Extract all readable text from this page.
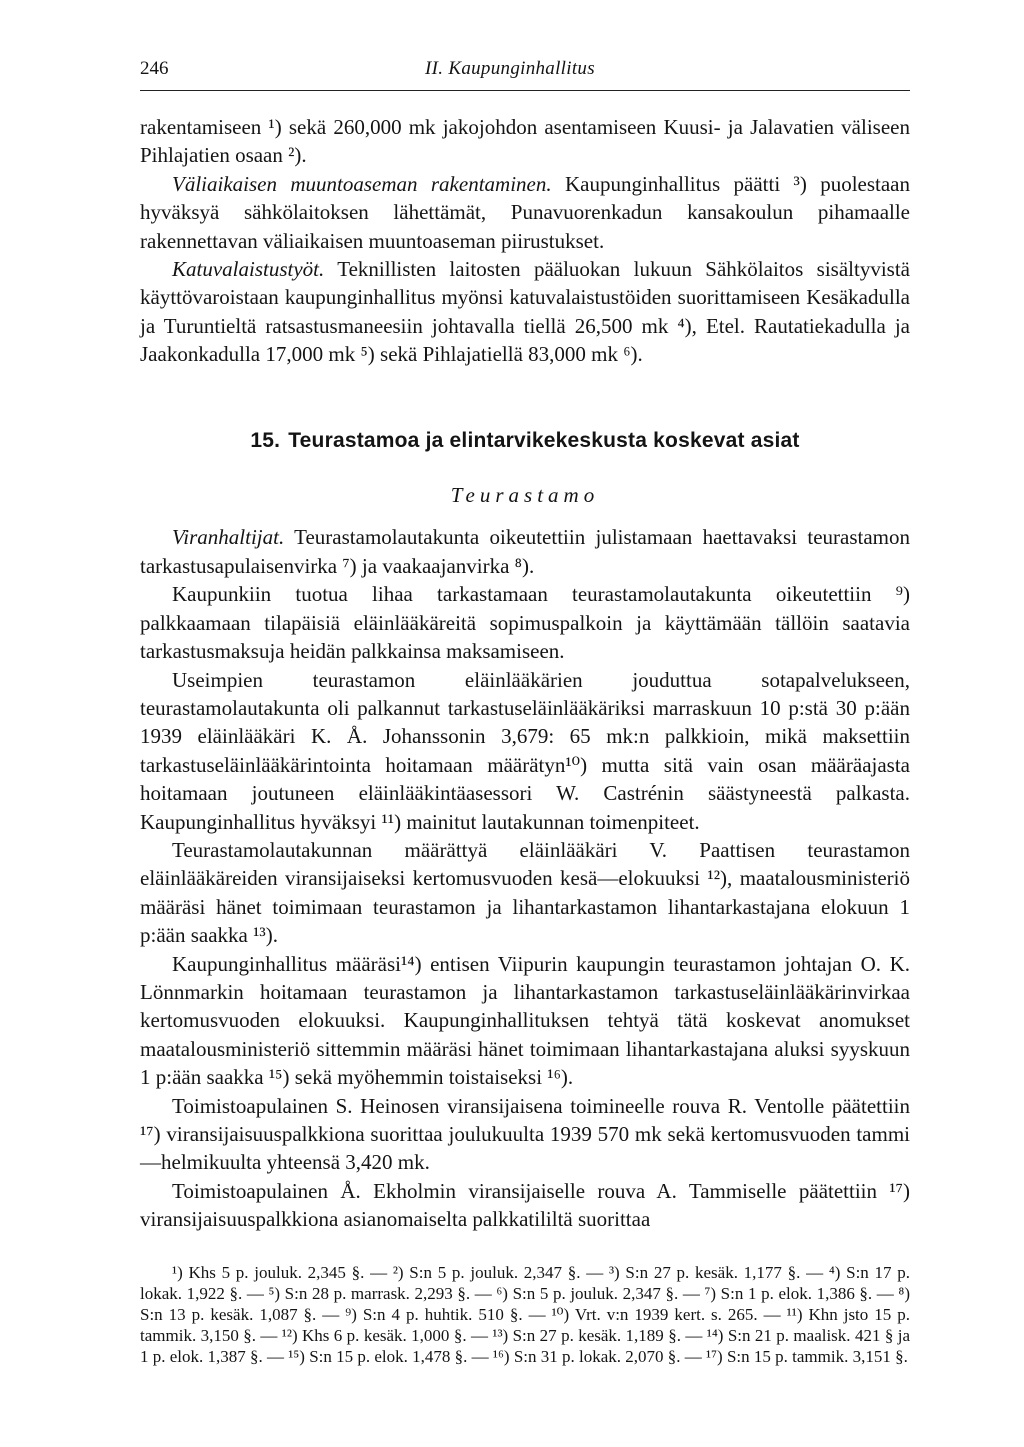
246	II. Kaupunginhallitus

rakentamiseen ¹) sekä 260,000 mk jakojohdon asentamiseen Kuusi- ja Jalavatien väliseen Pihlajatien osaan ²).

Väliaikaisen muuntoaseman rakentaminen. Kaupunginhallitus päätti ³) puolestaan hyväksyä sähkölaitoksen lähettämät, Punavuorenkadun kansakoulun pihamaalle rakennettavan väliaikaisen muuntoaseman piirustukset.

Katuvalaistustyöt. Teknillisten laitosten pääluokan lukuun Sähkölaitos sisältyvistä käyttövaroistaan kaupunginhallitus myönsi katuvalaistustöiden suorittamiseen Kesäkadulla ja Turuntieltä ratsastusmaneesiin johtavalla tiellä 26,500 mk ⁴), Etel. Rautatiekadulla ja Jaakonkadulla 17,000 mk ⁵) sekä Pihlajatiellä 83,000 mk ⁶).

15. Teurastamoa ja elintarvikekeskusta koskevat asiat
Teurastamo

Viranhaltijat. Teurastamolautakunta oikeutettiin julistamaan haettavaksi teurastamon tarkastusapulaisenvirka ⁷) ja vaakaajanvirka ⁸).

Kaupunkiin tuotua lihaa tarkastamaan teurastamolautakunta oikeutettiin ⁹) palkkaamaan tilapäisiä eläinlääkäreitä sopimuspalkoin ja käyttämään tällöin saatavia tarkastusmaksuja heidän palkkainsa maksamiseen.

Useimpien teurastamon eläinlääkärien jouduttua sotapalvelukseen, teurastamolautakunta oli palkannut tarkastuseläinlääkäriksi marraskuun 10 p:stä 30 p:ään 1939 eläinlääkäri K. Å. Johanssonin 3,679: 65 mk:n palkkioin, mikä maksettiin tarkastuseläinlääkärintointa hoitamaan määrätyn¹⁰) mutta sitä vain osan määräajasta hoitamaan joutuneen eläinlääkintäasessori W. Castrénin säästyneestä palkasta. Kaupunginhallitus hyväksyi ¹¹) mainitut lautakunnan toimenpiteet.

Teurastamolautakunnan määrättyä eläinlääkäri V. Paattisen teurastamon eläinlääkäreiden viransijaiseksi kertomusvuoden kesä—elokuuksi ¹²), maatalousministeriö määräsi hänet toimimaan teurastamon ja lihantarkastamon lihantarkastajana elokuun 1 p:ään saakka ¹³).

Kaupunginhallitus määräsi¹⁴) entisen Viipurin kaupungin teurastamon johtajan O. K. Lönnmarkin hoitamaan teurastamon ja lihantarkastamon tarkastuseläinlääkärinvirkaa kertomusvuoden elokuuksi. Kaupunginhallituksen tehtyä tätä koskevat anomukset maatalousministeriö sittemmin määräsi hänet toimimaan lihantarkastajana aluksi syyskuun 1 p:ään saakka ¹⁵) sekä myöhemmin toistaiseksi ¹⁶).

Toimistoapulainen S. Heinosen viransijaisena toimineelle rouva R. Ventolle päätettiin ¹⁷) viransijaisuuspalkkiona suorittaa joulukuulta 1939 570 mk sekä kertomusvuoden tammi—helmikuulta yhteensä 3,420 mk.

Toimistoapulainen Å. Ekholmin viransijaiselle rouva A. Tammiselle päätettiin ¹⁷) viransijaisuuspalkkiona asianomaiselta palkkatililtä suorittaa

¹) Khs 5 p. jouluk. 2,345 §. — ²) S:n 5 p. jouluk. 2,347 §. — ³) S:n 27 p. kesäk. 1,177 §. — ⁴) S:n 17 p. lokak. 1,922 §. — ⁵) S:n 28 p. marrask. 2,293 §. — ⁶) S:n 5 p. jouluk. 2,347 §. — ⁷) S:n 1 p. elok. 1,386 §. — ⁸) S:n 13 p. kesäk. 1,087 §. — ⁹) S:n 4 p. huhtik. 510 §. — ¹⁰) Vrt. v:n 1939 kert. s. 265. — ¹¹) Khn jsto 15 p. tammik. 3,150 §. — ¹²) Khs 6 p. kesäk. 1,000 §. — ¹³) S:n 27 p. kesäk. 1,189 §. — ¹⁴) S:n 21 p. maalisk. 421 § ja 1 p. elok. 1,387 §. — ¹⁵) S:n 15 p. elok. 1,478 §. — ¹⁶) S:n 31 p. lokak. 2,070 §. — ¹⁷) S:n 15 p. tammik. 3,151 §.
